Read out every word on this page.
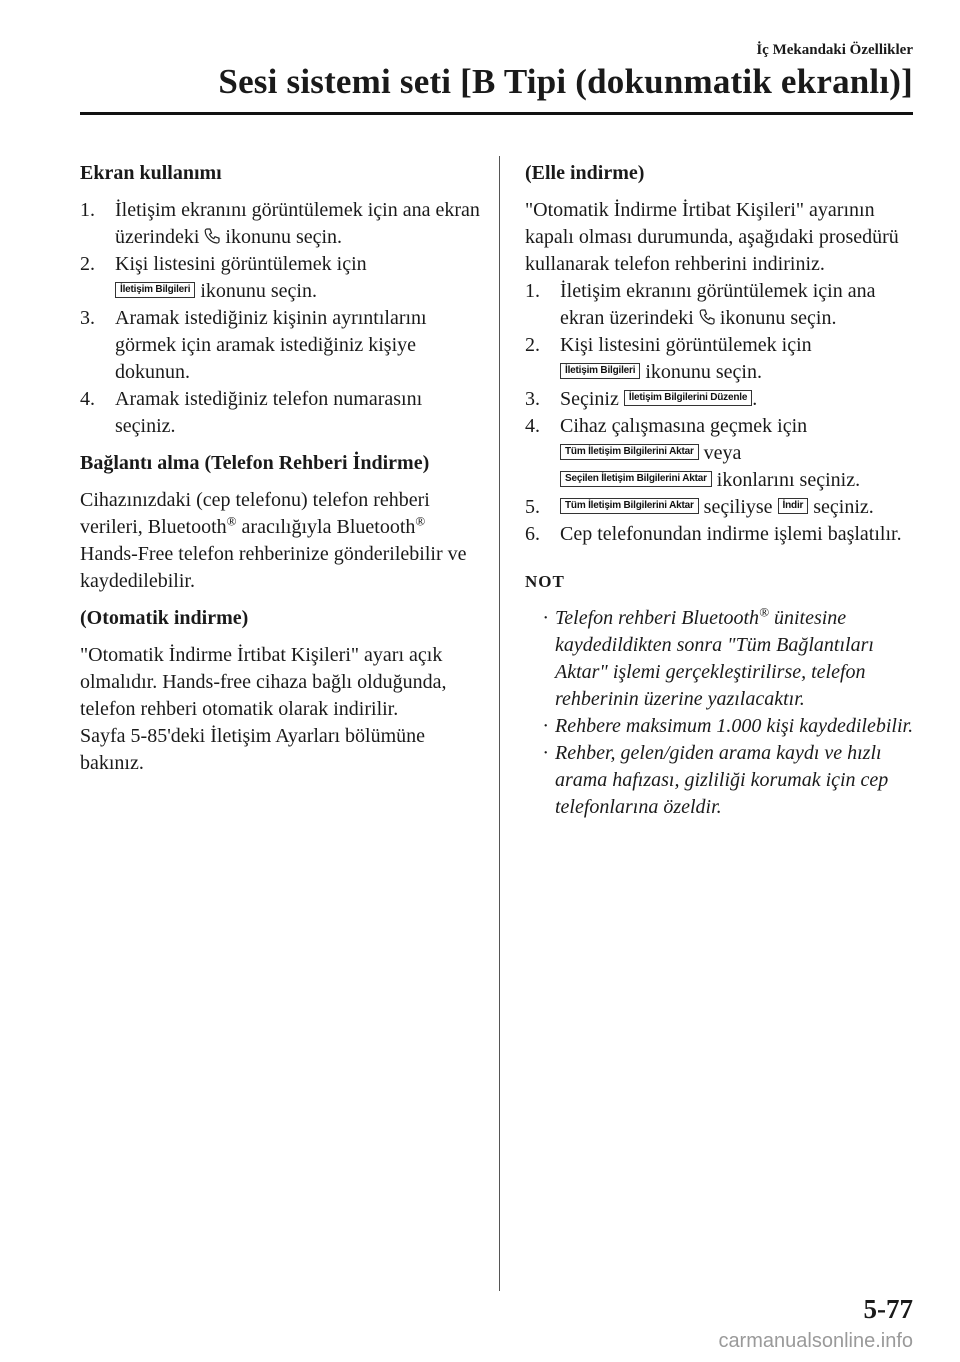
İç Mekandaki Özellikler
Sesi sistemi seti [B Tipi (dokunmatik ekranlı)]
Ekran kullanımı
1.	İletişim ekranını görüntülemek için ana ekran üzerindeki  ikonunu seçin.
2.	Kişi listesini görüntülemek için
İletişim Bilgileri ikonunu seçin.
3.	Aramak istediğiniz kişinin ayrıntılarını görmek için aramak istediğiniz kişiye dokunun.
4.	Aramak istediğiniz telefon numarasını seçiniz.
Bağlantı alma (Telefon Rehberi İndirme)
Cihazınızdaki (cep telefonu) telefon rehberi verileri, Bluetooth® aracılığıyla Bluetooth® Hands-Free telefon rehberinize gönderilebilir ve kaydedilebilir.
(Otomatik indirme)
"Otomatik İndirme İrtibat Kişileri" ayarı açık olmalıdır. Hands-free cihaza bağlı olduğunda, telefon rehberi otomatik olarak indirilir.
Sayfa 5-85'deki İletişim Ayarları bölümüne bakınız.
(Elle indirme)
"Otomatik İndirme İrtibat Kişileri" ayarının kapalı olması durumunda, aşağıdaki prosedürü kullanarak telefon rehberini indiriniz.
1.	İletişim ekranını görüntülemek için ana ekran üzerindeki  ikonunu seçin.
2.	Kişi listesini görüntülemek için
İletişim Bilgileri ikonunu seçin.
3.	Seçiniz İletişim Bilgilerini Düzenle .
4.	Cihaz çalışmasına geçmek için
Tüm İletişim Bilgilerini Aktar veya
Seçilen İletişim Bilgilerini Aktar ikonlarını seçiniz.
5.	Tüm İletişim Bilgilerini Aktar seçiliyse İndir seçiniz.
6.	Cep telefonundan indirme işlemi başlatılır.
NOT
· Telefon rehberi Bluetooth® ünitesine kaydedildikten sonra "Tüm Bağlantıları Aktar" işlemi gerçekleştirilirse, telefon rehberinin üzerine yazılacaktır.
· Rehbere maksimum 1.000 kişi kaydedilebilir.
· Rehber, gelen/giden arama kaydı ve hızlı arama hafızası, gizliliği korumak için cep telefonlarına özeldir.
5-77
carmanualsonline.info
